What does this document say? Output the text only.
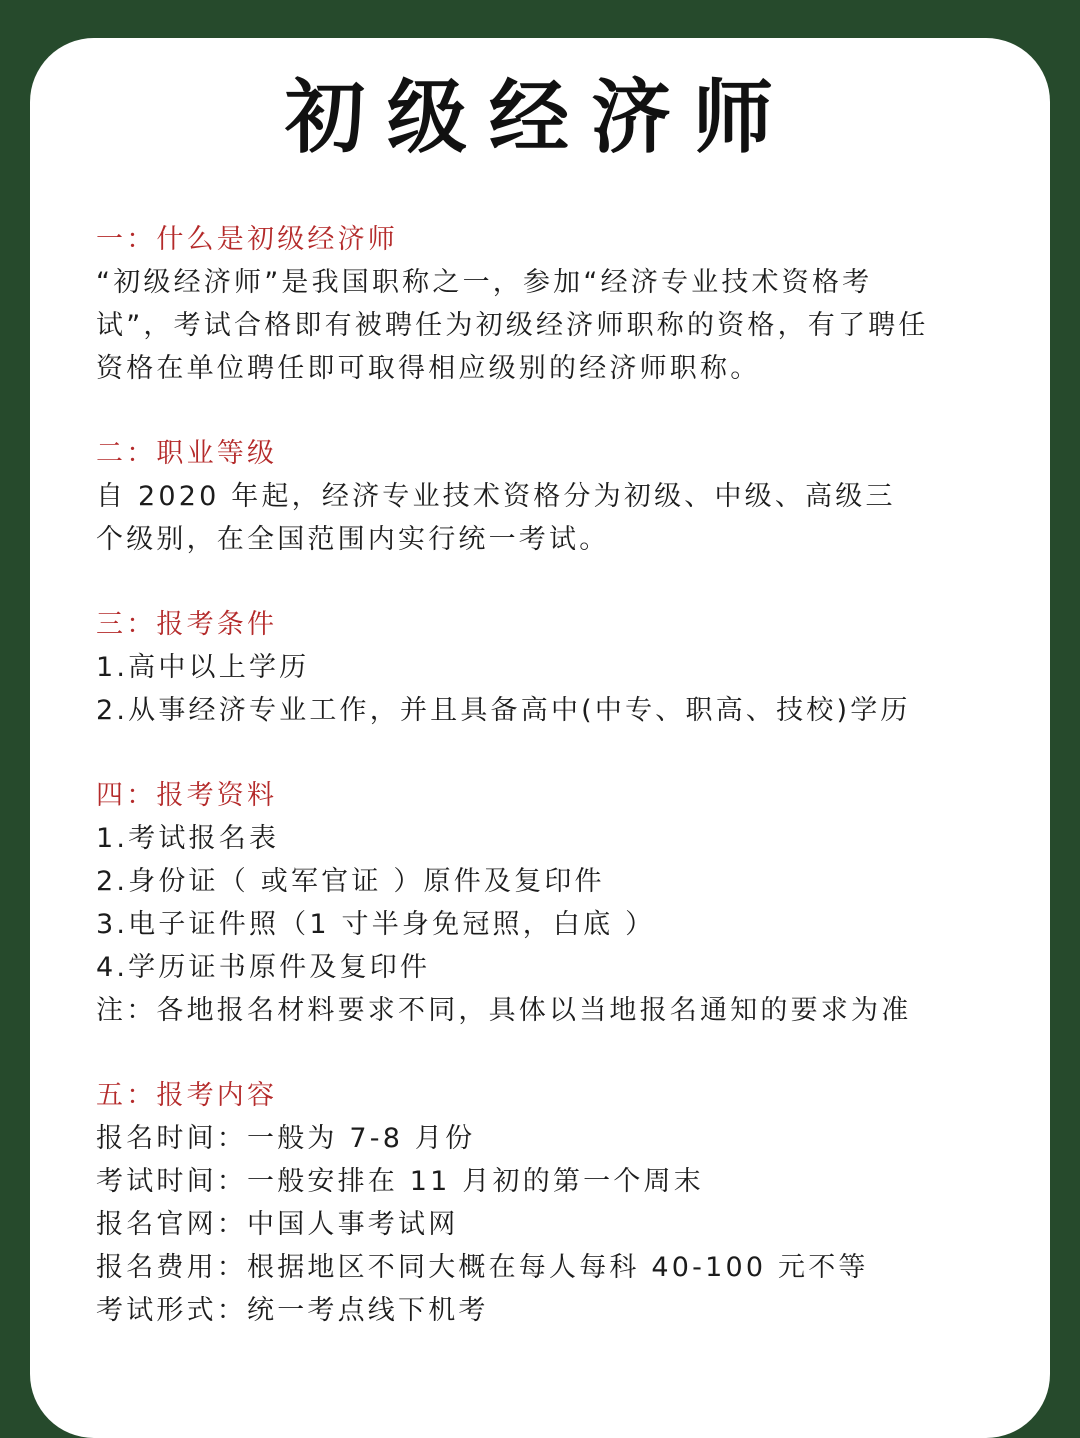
初级经济师
一：什么是初级经济师
“初级经济师”是我国职称之一，参加“经济专业技术资格考
试”，考试合格即有被聘任为初级经济师职称的资格，有了聘任
资格在单位聘任即可取得相应级别的经济师职称。
二：职业等级
自 2020 年起，经济专业技术资格分为初级、中级、高级三
个级别，在全国范围内实行统一考试。
三：报考条件
1.高中以上学历
2.从事经济专业工作，并且具备高中(中专、职高、技校)学历
四：报考资料
1.考试报名表
2.身份证（ 或军官证 ）原件及复印件
3.电子证件照（1 寸半身免冠照，白底 ）
4.学历证书原件及复印件
注：各地报名材料要求不同，具体以当地报名通知的要求为准
五：报考内容
报名时间：一般为 7-8 月份
考试时间：一般安排在 11 月初的第一个周末
报名官网：中国人事考试网
报名费用：根据地区不同大概在每人每科 40-100 元不等
考试形式：统一考点线下机考
